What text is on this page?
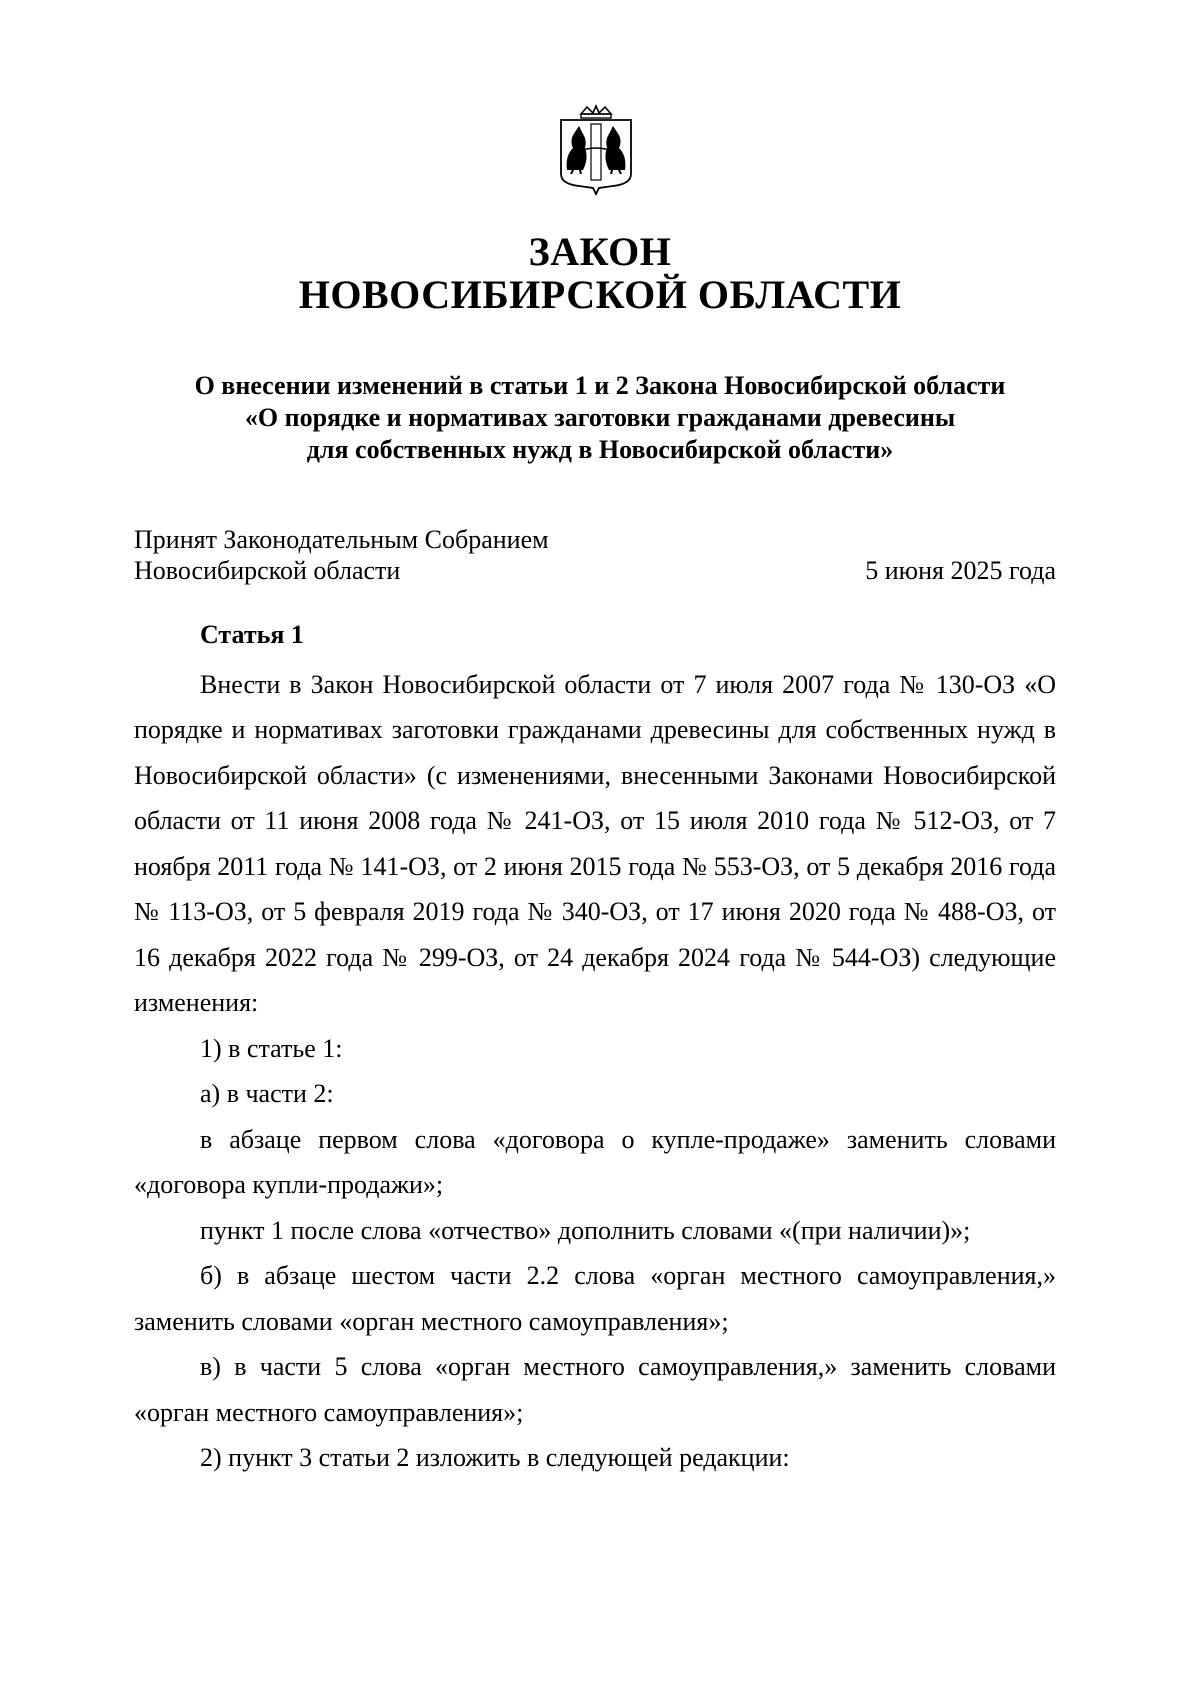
ЗАКОН
НОВОСИБИРСКОЙ ОБЛАСТИ
О внесении изменений в статьи 1 и 2 Закона Новосибирской области
«О порядке и нормативах заготовки гражданами древесины
для собственных нужд в Новосибирской области»
Принят Законодательным Собранием
Новосибирской области	5 июня 2025 года

Статья 1

Внести в Закон Новосибирской области от 7 июля 2007 года № 130-ОЗ «О порядке и нормативах заготовки гражданами древесины для собственных нужд в Новосибирской области» (с изменениями, внесенными Законами Новосибирской области от 11 июня 2008 года № 241-ОЗ, от 15 июля 2010 года № 512-ОЗ, от 7 ноября 2011 года № 141-ОЗ, от 2 июня 2015 года № 553-ОЗ, от 5 декабря 2016 года № 113-ОЗ, от 5 февраля 2019 года № 340-ОЗ, от 17 июня 2020 года № 488-ОЗ, от 16 декабря 2022 года № 299-ОЗ, от 24 декабря 2024 года № 544-ОЗ) следующие изменения:

1) в статье 1:

а) в части 2:

в абзаце первом слова «договора о купле-продаже» заменить словами «договора купли-продажи»;

пункт 1 после слова «отчество» дополнить словами «(при наличии)»;

б) в абзаце шестом части 2.2 слова «орган местного самоуправления,» заменить словами «орган местного самоуправления»;

в) в части 5 слова «орган местного самоуправления,» заменить словами «орган местного самоуправления»;

2) пункт 3 статьи 2 изложить в следующей редакции:
